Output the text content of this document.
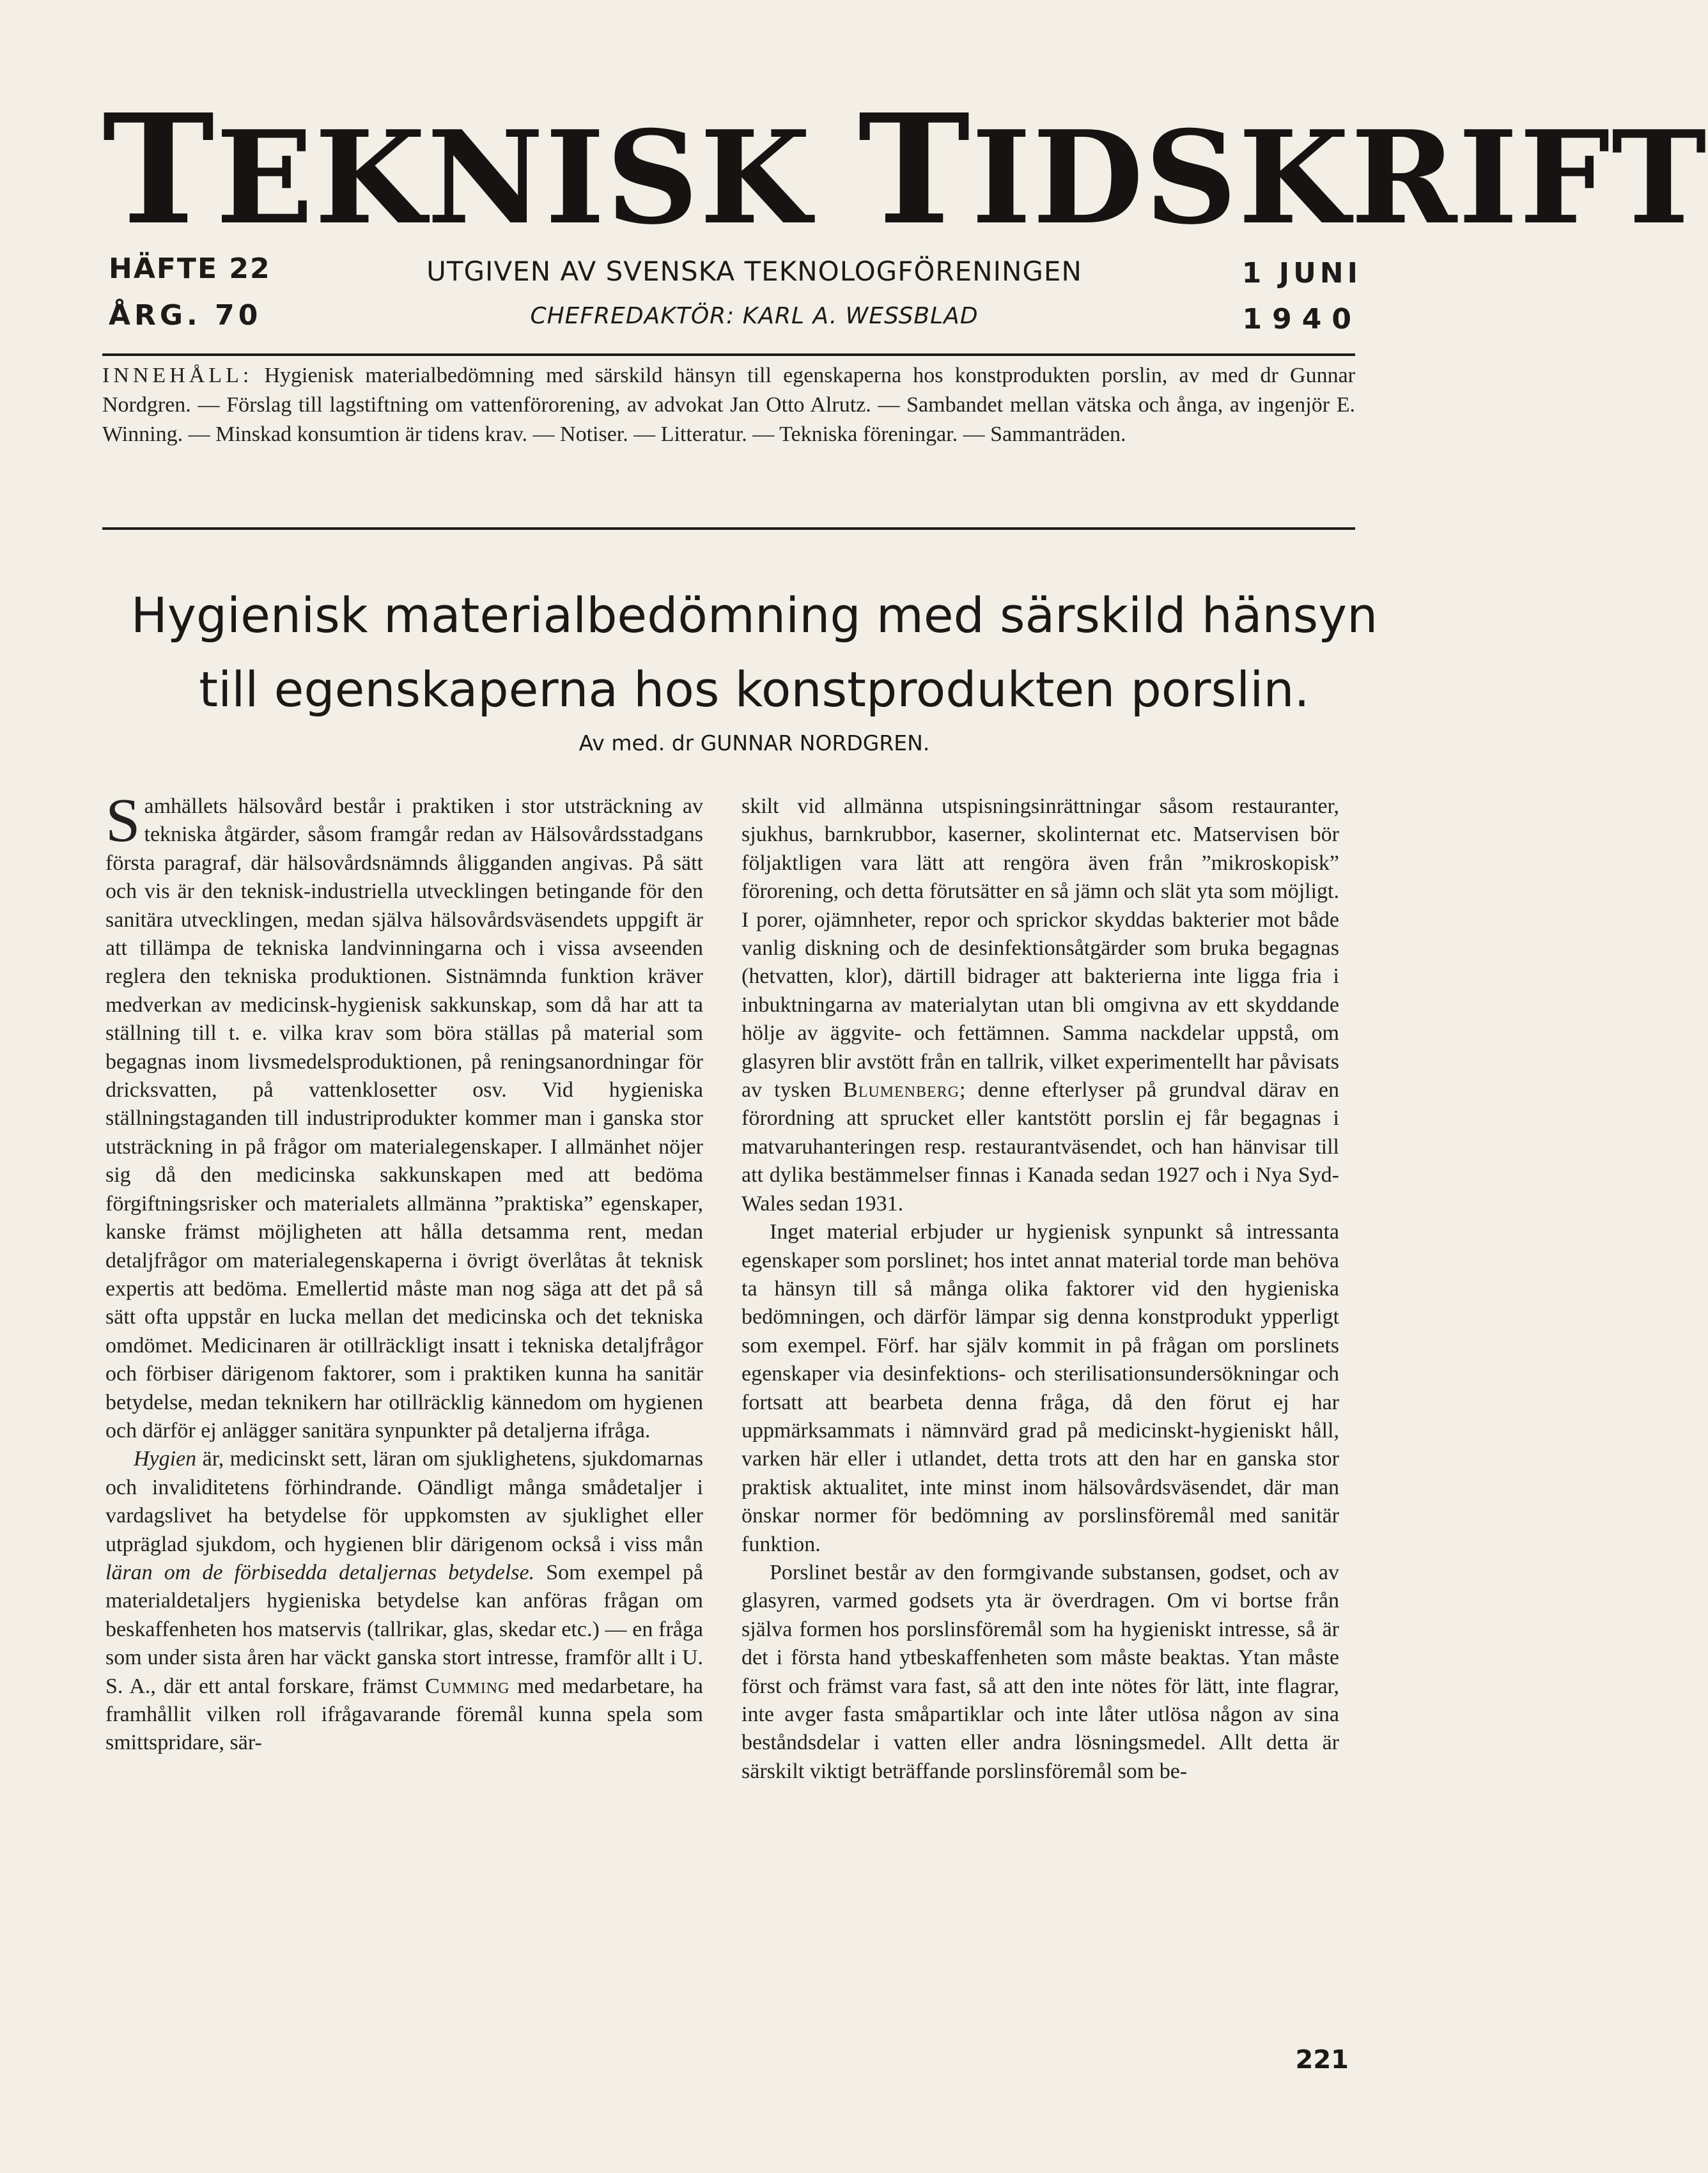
TEKNISK TIDSKRIFT
HÄFTE 22
ÅRG. 70
UTGIVEN AV SVENSKA TEKNOLOGFÖRENINGEN
CHEFREDAKTÖR: KARL A. WESSBLAD
1 JUNI
1940
INNEHÅLL: Hygienisk materialbedömning med särskild hänsyn till egenskaperna hos konstprodukten porslin, av med dr Gunnar Nordgren. — Förslag till lagstiftning om vattenförorening, av advokat Jan Otto Alrutz. — Sambandet mellan vätska och ånga, av ingenjör E. Winning. — Minskad konsumtion är tidens krav. — Notiser. — Litteratur. — Tekniska föreningar. — Sammanträden.
Hygienisk materialbedömning med särskild hänsyn
till egenskaperna hos konstprodukten porslin.
Av med. dr GUNNAR NORDGREN.

Samhällets hälsovård består i praktiken i stor utsträckning av tekniska åtgärder, såsom framgår redan av Hälsovårdsstadgans första paragraf, där hälsovårdsnämnds åligganden angivas. På sätt och vis är den teknisk-industriella utvecklingen betingande för den sanitära utvecklingen, medan själva hälsovårdsväsendets uppgift är att tillämpa de tekniska landvinningarna och i vissa avseenden reglera den tekniska produktionen. Sistnämnda funktion kräver medverkan av medicinsk-hygienisk sakkunskap, som då har att ta ställning till t. e. vilka krav som böra ställas på material som begagnas inom livsmedelsproduktionen, på reningsanordningar för dricksvatten, på vattenklosetter osv. Vid hygieniska ställningstaganden till industriprodukter kommer man i ganska stor utsträckning in på frågor om materialegenskaper. I allmänhet nöjer sig då den medicinska sakkunskapen med att bedöma förgiftningsrisker och materialets allmänna ”praktiska” egenskaper, kanske främst möjligheten att hålla detsamma rent, medan detaljfrågor om materialegenskaperna i övrigt överlåtas åt teknisk expertis att bedöma. Emellertid måste man nog säga att det på så sätt ofta uppstår en lucka mellan det medicinska och det tekniska omdömet. Medicinaren är otillräckligt insatt i tekniska detaljfrågor och förbiser därigenom faktorer, som i praktiken kunna ha sanitär betydelse, medan teknikern har otillräcklig kännedom om hygienen och därför ej anlägger sanitära synpunkter på detaljerna ifråga.

Hygien är, medicinskt sett, läran om sjuklighetens, sjukdomarnas och invaliditetens förhindrande. Oändligt många smådetaljer i vardagslivet ha betydelse för uppkomsten av sjuklighet eller utpräglad sjukdom, och hygienen blir därigenom också i viss mån läran om de förbisedda detaljernas betydelse. Som exempel på materialdetaljers hygieniska betydelse kan anföras frågan om beskaffenheten hos matservis (tallrikar, glas, skedar etc.) — en fråga som under sista åren har väckt ganska stort intresse, framför allt i U. S. A., där ett antal forskare, främst Cumming med medarbetare, ha framhållit vilken roll ifrågavarande föremål kunna spela som smittspridare, sär-

skilt vid allmänna utspisningsinrättningar såsom restauranter, sjukhus, barnkrubbor, kaserner, skolinternat etc. Matservisen bör följaktligen vara lätt att rengöra även från ”mikroskopisk” förorening, och detta förutsätter en så jämn och slät yta som möjligt. I porer, ojämnheter, repor och sprickor skyddas bakterier mot både vanlig diskning och de desinfektionsåtgärder som bruka begagnas (hetvatten, klor), därtill bidrager att bakterierna inte ligga fria i inbuktningarna av materialytan utan bli omgivna av ett skyddande hölje av äggvite- och fettämnen. Samma nackdelar uppstå, om glasyren blir avstött från en tallrik, vilket experimentellt har påvisats av tysken Blumenberg; denne efterlyser på grundval därav en förordning att sprucket eller kantstött porslin ej får begagnas i matvaruhanteringen resp. restaurantväsendet, och han hänvisar till att dylika bestämmelser finnas i Kanada sedan 1927 och i Nya Syd-Wales sedan 1931.

Inget material erbjuder ur hygienisk synpunkt så intressanta egenskaper som porslinet; hos intet annat material torde man behöva ta hänsyn till så många olika faktorer vid den hygieniska bedömningen, och därför lämpar sig denna konstprodukt ypperligt som exempel. Förf. har själv kommit in på frågan om porslinets egenskaper via desinfektions- och sterilisationsundersökningar och fortsatt att bearbeta denna fråga, då den förut ej har uppmärksammats i nämnvärd grad på medicinskt-hygieniskt håll, varken här eller i utlandet, detta trots att den har en ganska stor praktisk aktualitet, inte minst inom hälsovårdsväsendet, där man önskar normer för bedömning av porslinsföremål med sanitär funktion.

Porslinet består av den formgivande substansen, godset, och av glasyren, varmed godsets yta är överdragen. Om vi bortse från själva formen hos porslinsföremål som ha hygieniskt intresse, så är det i första hand ytbeskaffenheten som måste beaktas. Ytan måste först och främst vara fast, så att den inte nötes för lätt, inte flagrar, inte avger fasta småpartiklar och inte låter utlösa någon av sina beståndsdelar i vatten eller andra lösningsmedel. Allt detta är särskilt viktigt beträffande porslinsföremål som be-

221
